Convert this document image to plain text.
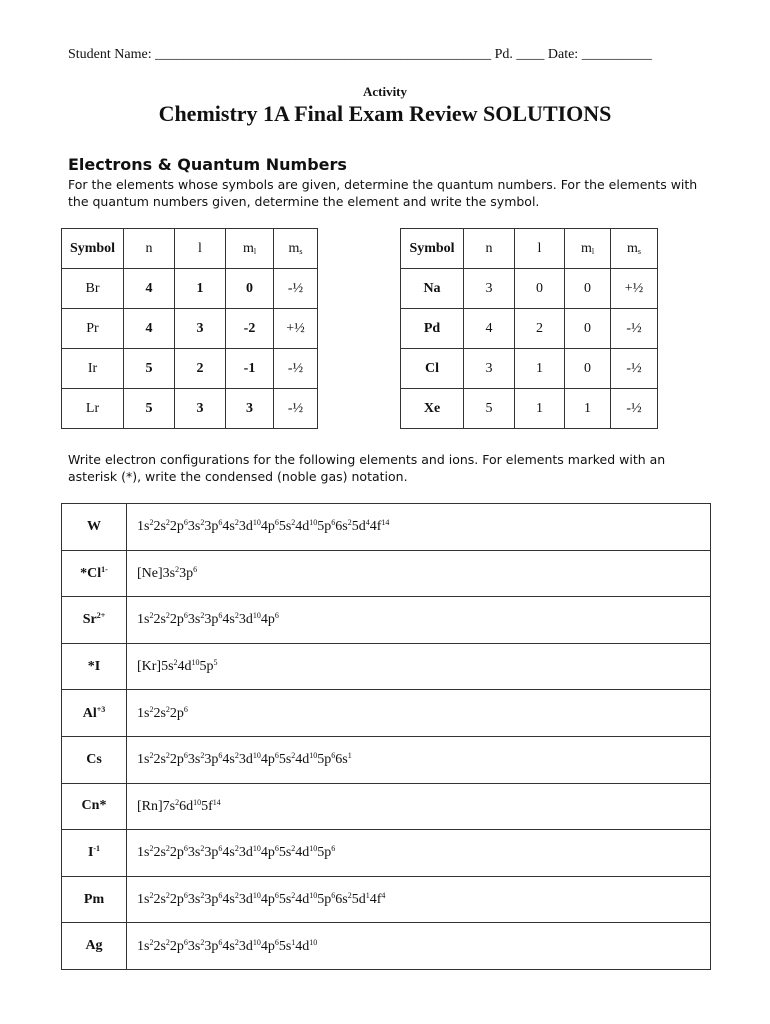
Student Name: ________________________________________________ Pd. ____ Date: __________
Activity
Chemistry 1A Final Exam Review SOLUTIONS
Electrons & Quantum Numbers
For the elements whose symbols are given, determine the quantum numbers. For the elements with the quantum numbers given, determine the element and write the symbol.
Symbol	n	l	$m_l$	$m_s$
Br	4	1	0	-½
Pr	4	3	-2	+½
Ir	5	2	-1	-½
Lr	5	3	3	-½
Symbol	n	l	$m_l$	$m_s$
Na	3	0	0	+½
Pd	4	2	0	-½
Cl	3	1	0	-½
Xe	5	1	1	-½
Write electron configurations for the following elements and ions. For elements marked with an asterisk (*), write the condensed (noble gas) notation.
W	$1s^22s^22p^63s^23p^64s^23d^{10}4p^65s^24d^{10}5p^66s^25d^44f^{14}$
$*Cl^{1-}$	$[Ne]3s^23p^6$
$Sr^{2+}$	$1s^22s^22p^63s^23p^64s^23d^{10}4p^6$
*I	$[Kr]5s^24d^{10}5p^5$
$Al^{+3}$	$1s^22s^22p^6$
Cs	$1s^22s^22p^63s^23p^64s^23d^{10}4p^65s^24d^{10}5p^66s^1$
Cn*	$[Rn]7s^26d^{10}5f^{14}$
$I^{-1}$	$1s^22s^22p^63s^23p^64s^23d^{10}4p^65s^24d^{10}5p^6$
Pm	$1s^22s^22p^63s^23p^64s^23d^{10}4p^65s^24d^{10}5p^66s^25d^14f^4$
Ag	$1s^22s^22p^63s^23p^64s^23d^{10}4p^65s^14d^{10}$
